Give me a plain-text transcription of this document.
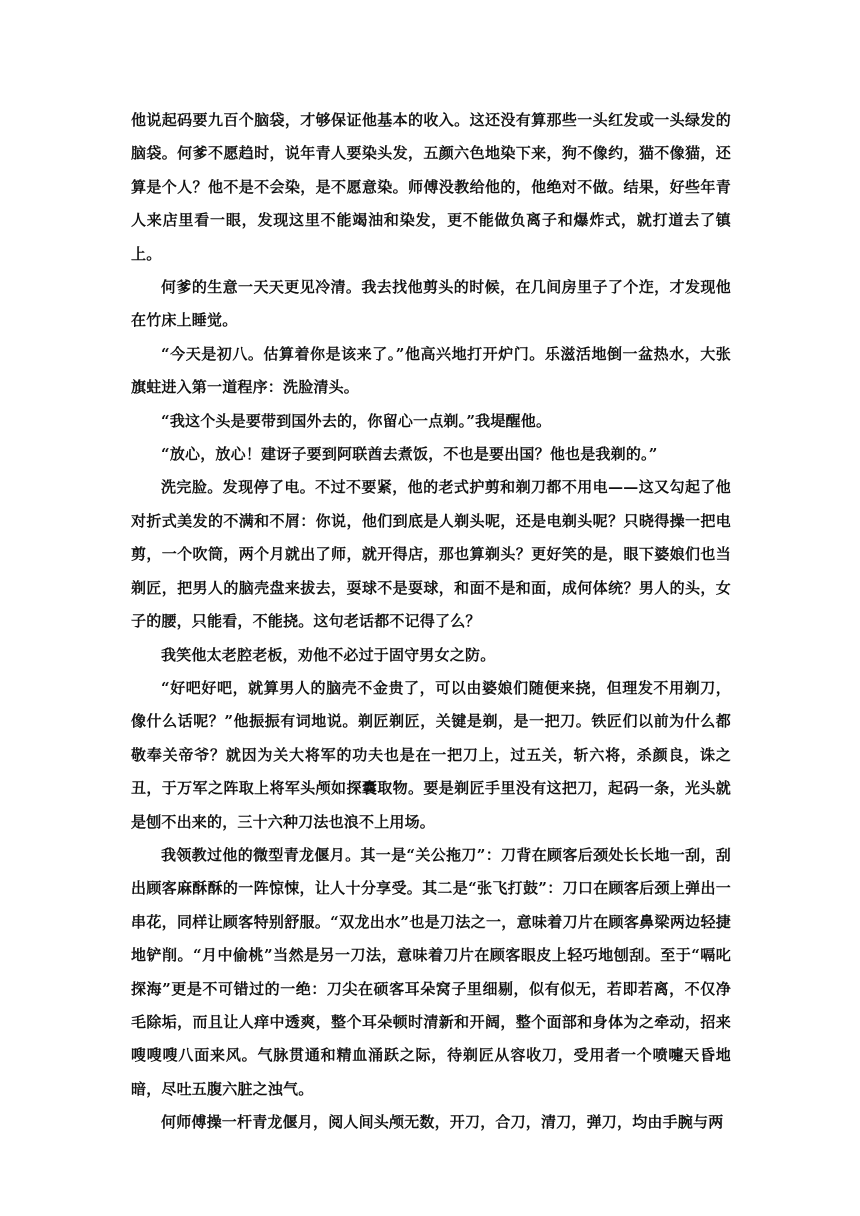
他说起码要九百个脑袋，才够保证他基本的收入。这还没有算那些一头红发或一头绿发的脑袋。何爹不愿趋时，说年青人要染头发，五颜六色地染下来，狗不像约，猫不像猫，还算是个人？他不是不会染，是不愿意染。师傅没教给他的，他绝对不做。结果，好些年青人来店里看一眼，发现这里不能竭油和染发，更不能做负离子和爆炸式，就打道去了镇上。

何爹的生意一天天更见冷清。我去找他剪头的时候，在几间房里子了个迮，才发现他在竹床上睡觉。

“今天是初八。估算着你是该来了。”他高兴地打开炉门。乐滋活地倒一盆热水，大张旗蛀进入第一道程序：洗脸清头。

“我这个头是要带到国外去的，你留心一点剃。”我堤醒他。

“放心，放心！建讶子要到阿联酋去煮饭，不也是要出国？他也是我剃的。”

洗完脸。发现停了电。不过不要紧，他的老式护剪和剃刀都不用电——这又勾起了他对折式美发的不满和不屑：你说，他们到底是人剃头呢，还是电剃头呢？只晓得操一把电剪，一个吹筒，两个月就出了师，就开得店，那也算剃头？更好笑的是，眼下婆娘们也当剃匠，把男人的脑壳盘来拔去，耍球不是耍球，和面不是和面，成何体统？男人的头，女子的腰，只能看，不能挠。这句老话都不记得了么？

我笑他太老腔老板，劝他不必过于固守男女之防。

“好吧好吧，就算男人的脑壳不金贵了，可以由婆娘们随便来挠，但理发不用剃刀，像什么话呢？”他振振有词地说。剃匠剃匠，关键是剃，是一把刀。铁匠们以前为什么都敬奉关帝爷？就因为关大将军的功夫也是在一把刀上，过五关，斩六将，杀颜良，诛之丑，于万军之阵取上将军头颅如探囊取物。要是剃匠手里没有这把刀，起码一条，光头就是刨不出来的，三十六种刀法也浪不上用场。

我领教过他的微型青龙偃月。其一是“关公拖刀”：刀背在顾客后颈处长长地一刮，刮出顾客麻酥酥的一阵惊悚，让人十分享受。其二是“张飞打鼓”：刀口在顾客后颈上弹出一串花，同样让顾客特别舒服。“双龙出水”也是刀法之一，意味着刀片在顾客鼻梁两边轻捷地铲削。“月中偷桃”当然是另一刀法，意味着刀片在顾客眼皮上轻巧地刨刮。至于“嗝叱探海”更是不可错过的一绝：刀尖在硕客耳朵窝子里细剔，似有似无，若即若离，不仅净毛除垢，而且让人痒中透爽，整个耳朵顿时清新和开阔，整个面部和身体为之牵动，招来嗖嗖嗖八面来风。气脉贯通和精血涌跃之际，待剃匠从容收刀，受用者一个喷嚏天昏地暗，尽吐五腹六脏之浊气。

何师傅操一杆青龙偃月，阅人间头颅无数，开刀，合刀，清刀，弹刀，均由手腕与两
